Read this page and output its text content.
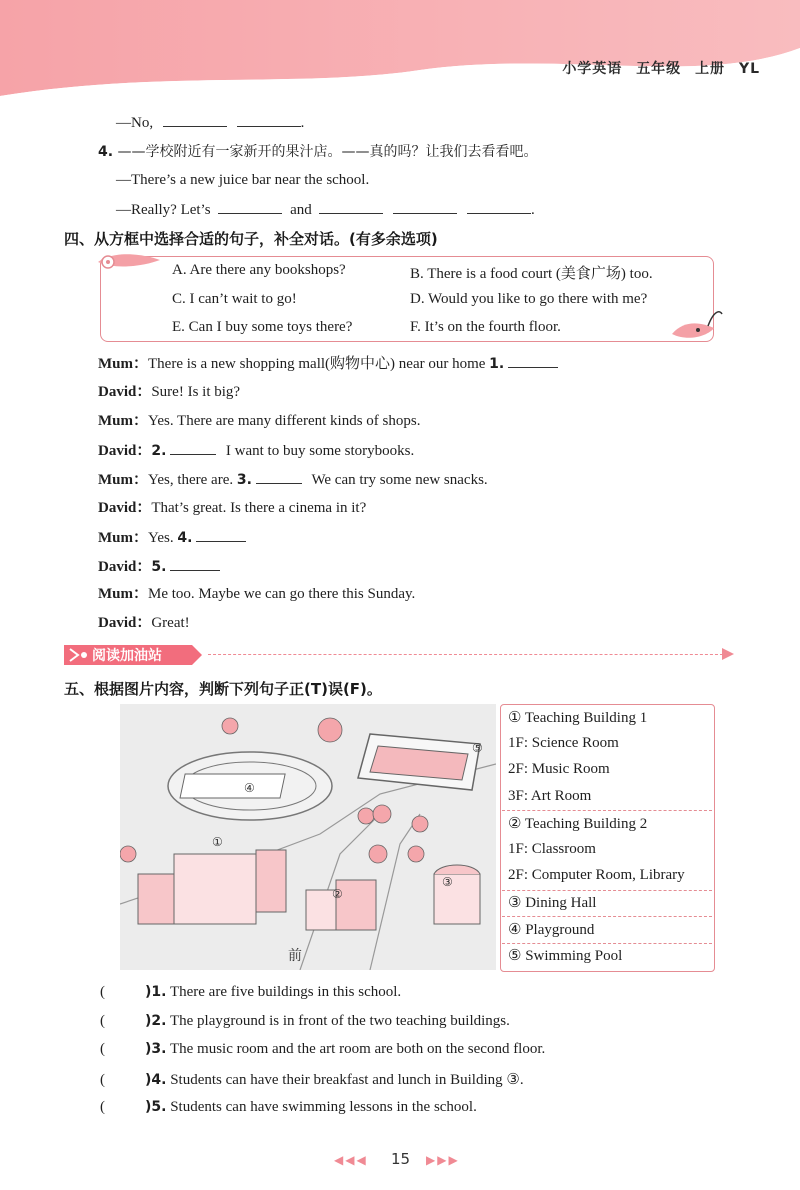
小学英语 五年级 上册 YL
—No,	.
4. ——学校附近有一家新开的果汁店。——真的吗？让我们去看看吧。
—There’s a new juice bar near the school.
—Really? Let’s	and	.
四、从方框中选择合适的句子，补全对话。(有多余选项)
A. Are there any bookshops?	B. There is a food court (美食广场) too.
C. I can’t wait to go!	D. Would you like to go there with me?
E. Can I buy some toys there?	F. It’s on the fourth floor.
Mum：There is a new shopping mall(购物中心) near our home 1.
David：Sure! Is it big?
Mum：Yes. There are many different kinds of shops.
David：2.	I want to buy some storybooks.
Mum：Yes, there are. 3.	We can try some new snacks.
David：That’s great. Is there a cinema in it?
Mum：Yes. 4.
David：5.
Mum：Me too. Maybe we can go there this Sunday.
David：Great!
阅读加油站
五、根据图片内容，判断下列句子正(T)误(F)。
④
⑤
①
②
③
前
① Teaching Building 1
1F: Science Room
2F: Music Room
3F: Art Room
② Teaching Building 2
1F: Classroom
2F: Computer Room, Library
③ Dining Hall
④ Playground
⑤ Swimming Pool
(	)1. There are five buildings in this school.
(	)2. The playground is in front of the two teaching buildings.
(	)3. The music room and the art room are both on the second floor.
(	)4. Students can have their breakfast and lunch in Building ③.
(	)5. Students can have swimming lessons in the school.
◀◀◀ 15 ▶▶▶
